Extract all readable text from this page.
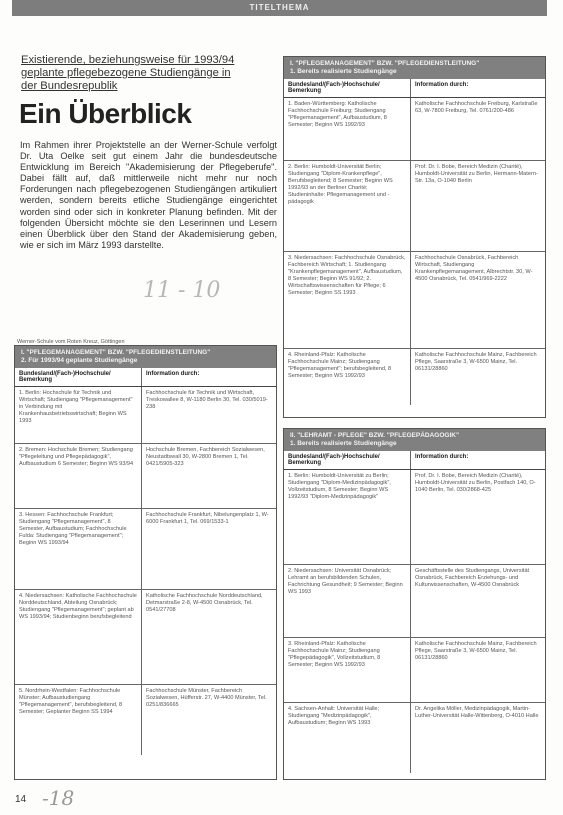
TITELTHEMA
Existierende, beziehungsweise für 1993/94
geplante pflegebezogene Studiengänge in
der Bundesrepublik
Ein Überblick
Im Rahmen ihrer Projektstelle an der Werner-Schule verfolgt Dr. Uta Oelke seit gut einem Jahr die bundesdeutsche Entwicklung im Bereich "Akademisierung der Pflegeberufe". Dabei fällt auf, daß mittlerweile nicht mehr nur noch Forderungen nach pflegebezogenen Studiengängen artikuliert werden, sondern bereits etliche Studiengänge eingerichtet worden sind oder sich in konkreter Planung befinden. Mit der folgenden Übersicht möchte sie den Leserinnen und Lesern einen Überblick über den Stand der Akademisierung geben, wie er sich im März 1993 darstellte.
11 - 10
Werner-Schule vom Roten Kreuz, Göttingen
I. "PFLEGEMANAGEMENT" BZW. "PFLEGEDIENSTLEITUNG"
2. Für 1993/94 geplante Studiengänge
Bundesland/(Fach-)Hochschule/ Bemerkung
Information durch:
1. Berlin: Hochschule für Technik und Wirtschaft; Studiengang "Pflegemanagement" in Verbindung mit Krankenhausbetriebswirtschaft; Beginn WS 1993
Fachhochschule für Technik und Wirtschaft, Treskowallee 8, W-1180 Berlin 30, Tel. 030/5019-238
2. Bremen: Hochschule Bremen; Studiengang "Pflegeleitung und Pflegepädagogik", Aufbaustudium 6 Semester; Beginn WS 93/94
Hochschule Bremen, Fachbereich Sozialwesen, Neustadtswall 30, W-2800 Bremen 1, Tel. 0421/5905-323
3. Hessen: Fachhochschule Frankfurt; Studiengang "Pflegemanagement", 8 Semester, Aufbaustudium; Fachhochschule Fulda: Studiengang "Pflegemanagement"; Beginn WS 1993/94
Fachhochschule Frankfurt, Nibelungenplatz 1, W-6000 Frankfurt 1, Tel. 069/1533-1
4. Niedersachsen: Katholische Fachhochschule Norddeutschland, Abteilung Osnabrück; Studiengang "Pflegemanagement"; geplant ab WS 1993/94; Studienbeginn berufsbegleitend
Katholische Fachhochschule Norddeutschland, Detmarstraße 2-8, W-4500 Osnabrück, Tel. 0541/27708
5. Nordrhein-Westfalen: Fachhochschule Münster; Aufbaustudiengang "Pflegemanagement", berufsbegleitend, 8 Semester; Geplanter Beginn SS 1994
Fachhochschule Münster, Fachbereich Sozialwesen, Hüfferstr. 27, W-4400 Münster, Tel. 0251/836665
I. "PFLEGEMANAGEMENT" BZW. "PFLEGEDIENSTLEITUNG"
1. Bereits realisierte Studiengänge
Bundesland/(Fach-)Hochschule/ Bemerkung
Information durch:
1. Baden-Württemberg: Katholische Fachhochschule Freiburg; Studiengang "Pflegemanagement", Aufbaustudium, 8 Semester; Beginn WS 1992/93
Katholische Fachhochschule Freiburg, Karlstraße 63, W-7800 Freiburg, Tel. 0761/200-486
2. Berlin: Humboldt-Universität Berlin; Studiengang "Diplom-Krankenpflege", Berufsbegleitend; 8 Semester; Beginn WS 1992/93 an der Berliner Charité; Studieninhalte: Pflegemanagement und -pädagogik
Prof. Dr. I. Bobe, Bereich Medizin (Charité), Humboldt-Universität zu Berlin, Hermann-Matern-Str. 13a, O-1040 Berlin
3. Niedersachsen: Fachhochschule Osnabrück, Fachbereich Wirtschaft; 1. Studiengang "Krankenpflegemanagement", Aufbaustudium, 8 Semester; Beginn WS 91/92; 2. Wirtschaftswissenschaften für Pflege; 6 Semester; Beginn SS 1993
Fachhochschule Osnabrück, Fachbereich Wirtschaft, Studiengang Krankenpflegemanagement, Albrechtstr. 30, W-4500 Osnabrück, Tel. 0541/969-2222
4. Rheinland-Pfalz: Katholische Fachhochschule Mainz; Studiengang "Pflegemanagement"; berufsbegleitend, 8 Semester; Beginn WS 1992/93
Katholische Fachhochschule Mainz, Fachbereich Pflege, Saarstraße 3, W-6500 Mainz, Tel. 06131/28860
II. "LEHRAMT - PFLEGE" BZW. "PFLEGEPÄDAGOGIK"
1. Bereits realisierte Studiengänge
Bundesland/(Fach-)Hochschule/ Bemerkung
Information durch:
1. Berlin: Humboldt-Universität zu Berlin; Studiengang "Diplom-Medizinpädagogik", Vollzeitstudium, 8 Semester; Beginn WS 1992/93 "Diplom-Medizinpädagogik"
Prof. Dr. I. Bobe, Bereich Medizin (Charité), Humboldt-Universität zu Berlin, Postfach 140, O-1040 Berlin, Tel. 030/2868-425
2. Niedersachsen: Universität Osnabrück; Lehramt an berufsbildenden Schulen, Fachrichtung Gesundheit; 9 Semester; Beginn WS 1993
Geschäftsstelle des Studiengangs, Universität Osnabrück, Fachbereich Erziehungs- und Kulturwissenschaften, W-4500 Osnabrück
3. Rheinland-Pfalz: Katholische Fachhochschule Mainz; Studiengang "Pflegepädagogik", Vollzeitstudium, 8 Semester; Beginn WS 1992/93
Katholische Fachhochschule Mainz, Fachbereich Pflege, Saarstraße 3, W-6500 Mainz, Tel. 06131/28860
4. Sachsen-Anhalt: Universität Halle; Studiengang "Medizinpädagogik", Aufbaustudium; Beginn WS 1993
Dr. Angelika Möller, Medizinpädagogik, Martin-Luther-Universität Halle-Wittenberg, O-4010 Halle
14 -18
